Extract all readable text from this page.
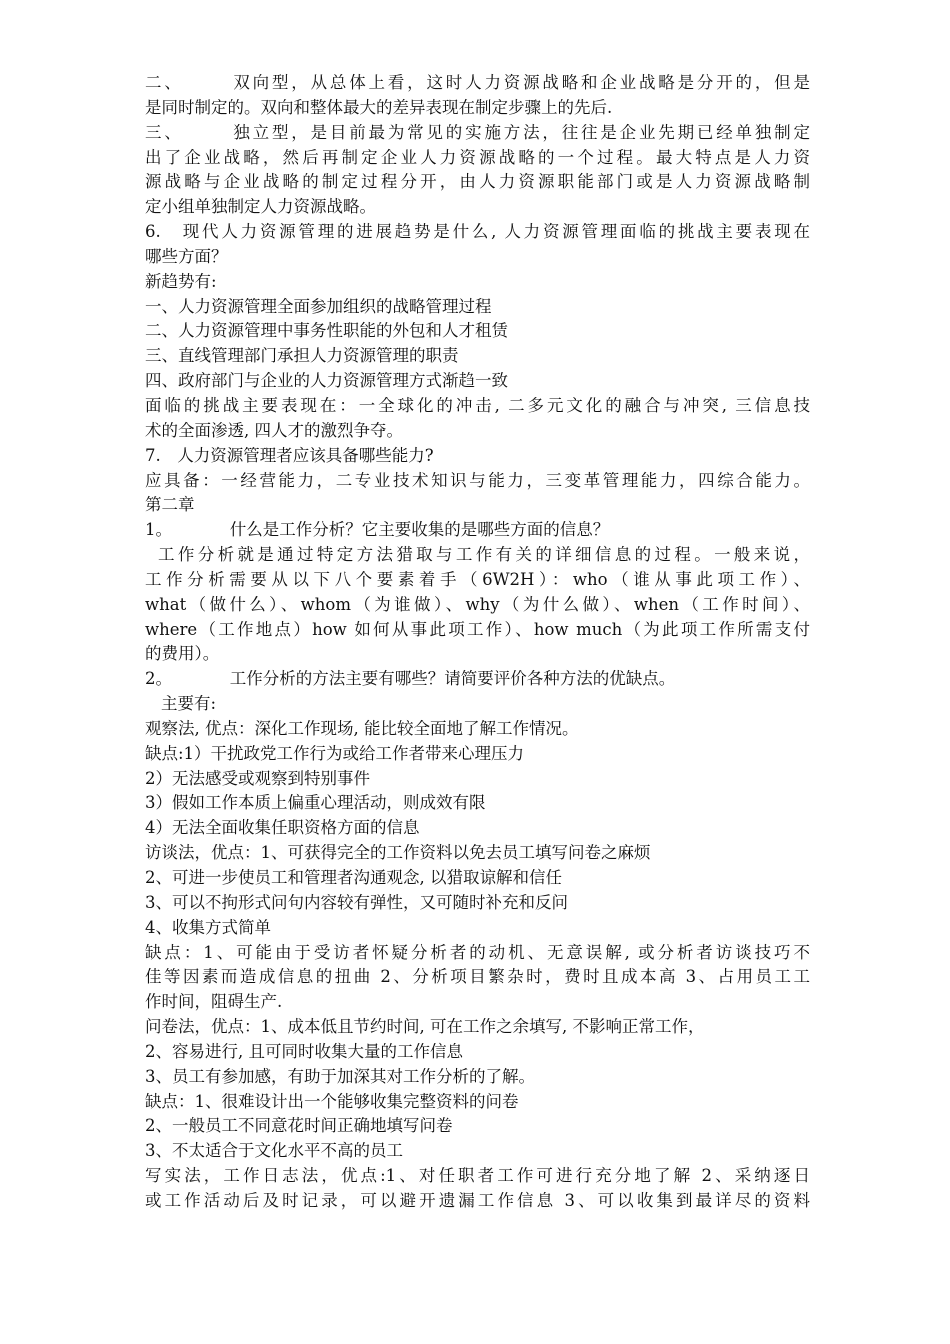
二、　　　双向型，从总体上看，这时人力资源战略和企业战略是分开的，但是
是同时制定的。双向和整体最大的差异表现在制定步骤上的先后.
三、　　　独立型，是目前最为常见的实施方法，往往是企业先期已经单独制定
出了企业战略，然后再制定企业人力资源战略的一个过程。最大特点是人力资
源战略与企业战略的制定过程分开，由人力资源职能部门或是人力资源战略制
定小组单独制定人力资源战略。
6.　现代人力资源管理的进展趋势是什么, 人力资源管理面临的挑战主要表现在
哪些方面？
新趋势有:
一、人力资源管理全面参加组织的战略管理过程
二、人力资源管理中事务性职能的外包和人才租赁
三、直线管理部门承担人力资源管理的职责
四、政府部门与企业的人力资源管理方式渐趋一致
面临的挑战主要表现在：一全球化的冲击, 二多元文化的融合与冲突, 三信息技
术的全面渗透, 四人才的激烈争夺。
7.　人力资源管理者应该具备哪些能力?
应具备：一经营能力，二专业技术知识与能力，三变革管理能力，四综合能力。
第二章
1。　　　　什么是工作分析？它主要收集的是哪些方面的信息？
工作分析就是通过特定方法猎取与工作有关的详细信息的过程。一般来说，
工作分析需要从以下八个要素着手（6W2H）：who（谁从事此项工作）、
what（做什么）、whom（为谁做）、why（为什么做）、when（工作时间）、
where（工作地点）how 如何从事此项工作）、how much（为此项工作所需支付
的费用）。
2。　　　　工作分析的方法主要有哪些？请简要评价各种方法的优缺点。
主要有:
观察法, 优点：深化工作现场, 能比较全面地了解工作情况。
缺点:1）干扰政党工作行为或给工作者带来心理压力
2）无法感受或观察到特别事件
3）假如工作本质上偏重心理活动，则成效有限
4）无法全面收集任职资格方面的信息
访谈法，优点：1、可获得完全的工作资料以免去员工填写问卷之麻烦
2、可进一步使员工和管理者沟通观念, 以猎取谅解和信任
3、可以不拘形式问句内容较有弹性，又可随时补充和反问
4、收集方式简单
缺点：1、可能由于受访者怀疑分析者的动机、无意误解, 或分析者访谈技巧不
佳等因素而造成信息的扭曲 2、分析项目繁杂时，费时且成本高 3、占用员工工
作时间，阻碍生产.
问卷法，优点：1、成本低且节约时间, 可在工作之余填写, 不影响正常工作，
2、容易进行, 且可同时收集大量的工作信息
3、员工有参加感，有助于加深其对工作分析的了解。
缺点：1、很难设计出一个能够收集完整资料的问卷
2、一般员工不同意花时间正确地填写问卷
3、不太适合于文化水平不高的员工
写实法，工作日志法，优点:1、对任职者工作可进行充分地了解 2、采纳逐日
或工作活动后及时记录，可以避开遗漏工作信息 3、可以收集到最详尽的资料
